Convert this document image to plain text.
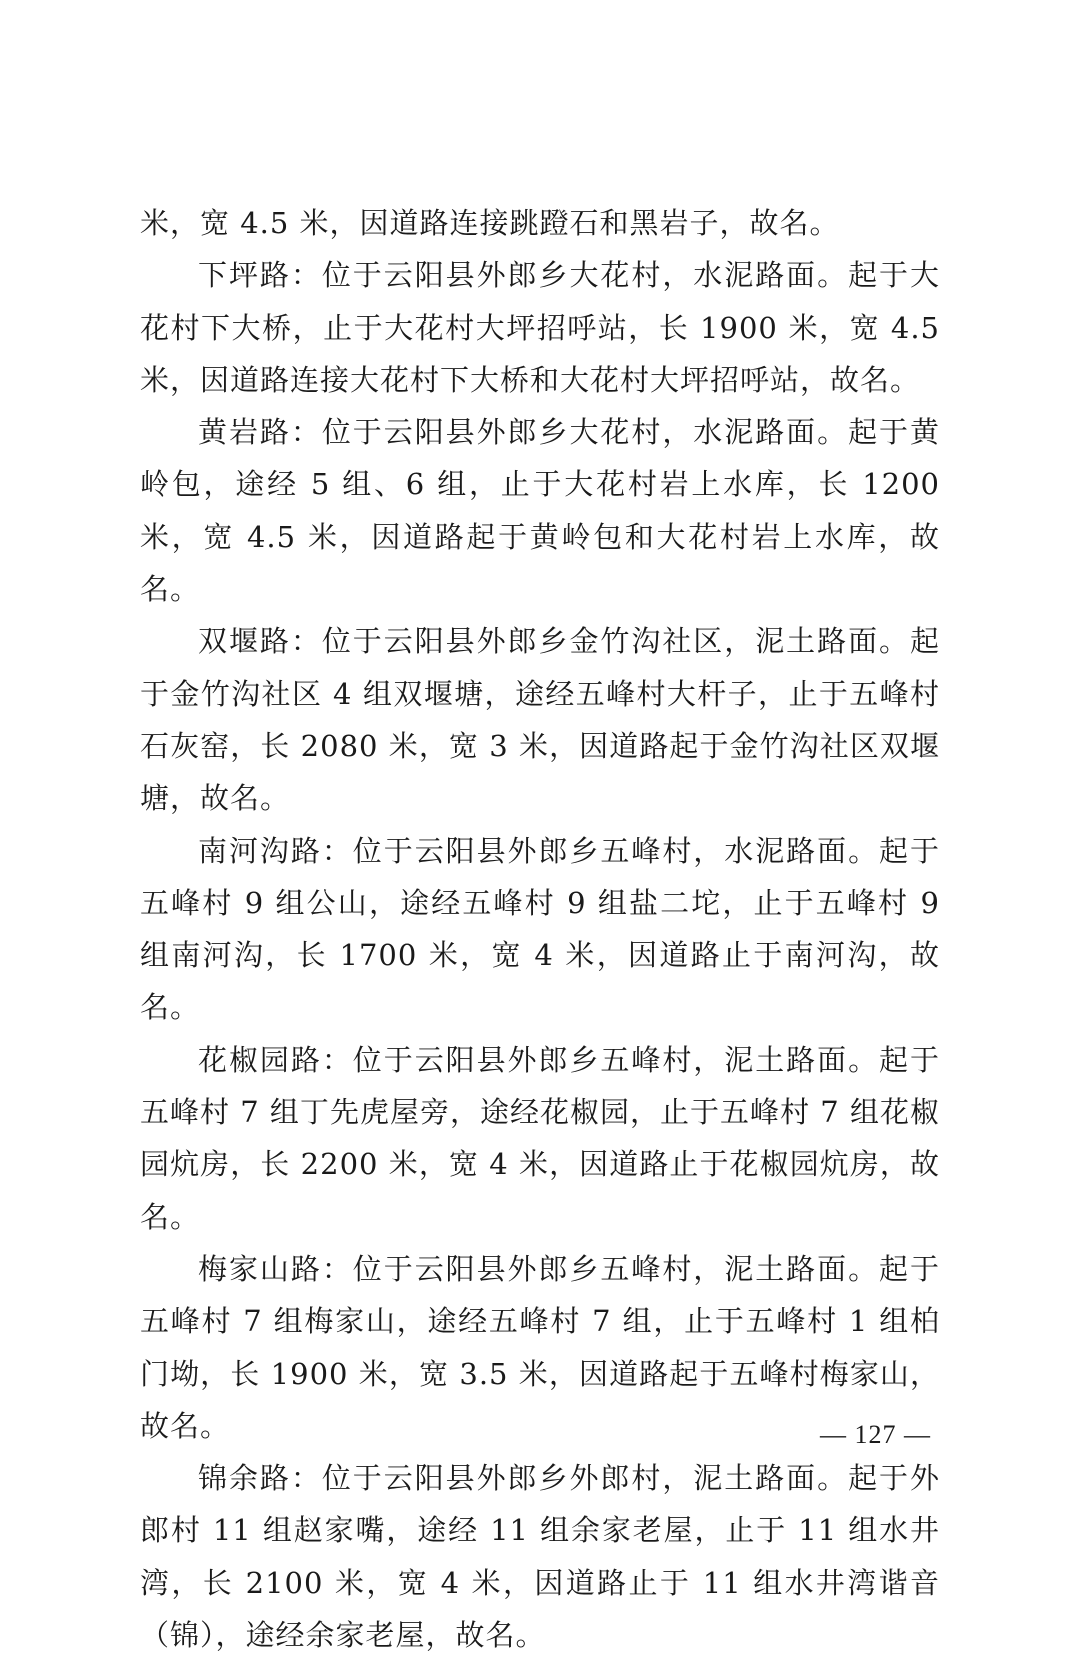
米，宽 4.5 米，因道路连接跳蹬石和黑岩子，故名。

下坪路：位于云阳县外郎乡大花村，水泥路面。起于大花村下大桥，止于大花村大坪招呼站，长 1900 米，宽 4.5 米，因道路连接大花村下大桥和大花村大坪招呼站，故名。

黄岩路：位于云阳县外郎乡大花村，水泥路面。起于黄岭包，途经 5 组、6 组，止于大花村岩上水库，长 1200 米，宽 4.5 米，因道路起于黄岭包和大花村岩上水库，故名。

双堰路：位于云阳县外郎乡金竹沟社区，泥土路面。起于金竹沟社区 4 组双堰塘，途经五峰村大杆子，止于五峰村石灰窑，长 2080 米，宽 3 米，因道路起于金竹沟社区双堰塘，故名。

南河沟路：位于云阳县外郎乡五峰村，水泥路面。起于五峰村 9 组公山，途经五峰村 9 组盐二坨，止于五峰村 9 组南河沟，长 1700 米，宽 4 米，因道路止于南河沟，故名。

花椒园路：位于云阳县外郎乡五峰村，泥土路面。起于五峰村 7 组丁先虎屋旁，途经花椒园，止于五峰村 7 组花椒园炕房，长 2200 米，宽 4 米，因道路止于花椒园炕房，故名。

梅家山路：位于云阳县外郎乡五峰村，泥土路面。起于五峰村 7 组梅家山，途经五峰村 7 组，止于五峰村 1 组柏门坳，长 1900 米，宽 3.5 米，因道路起于五峰村梅家山，故名。

锦余路：位于云阳县外郎乡外郎村，泥土路面。起于外郎村 11 组赵家嘴，途经 11 组余家老屋，止于 11 组水井湾，长 2100 米，宽 4 米，因道路止于 11 组水井湾谐音（锦），途经余家老屋，故名。

— 127 —
